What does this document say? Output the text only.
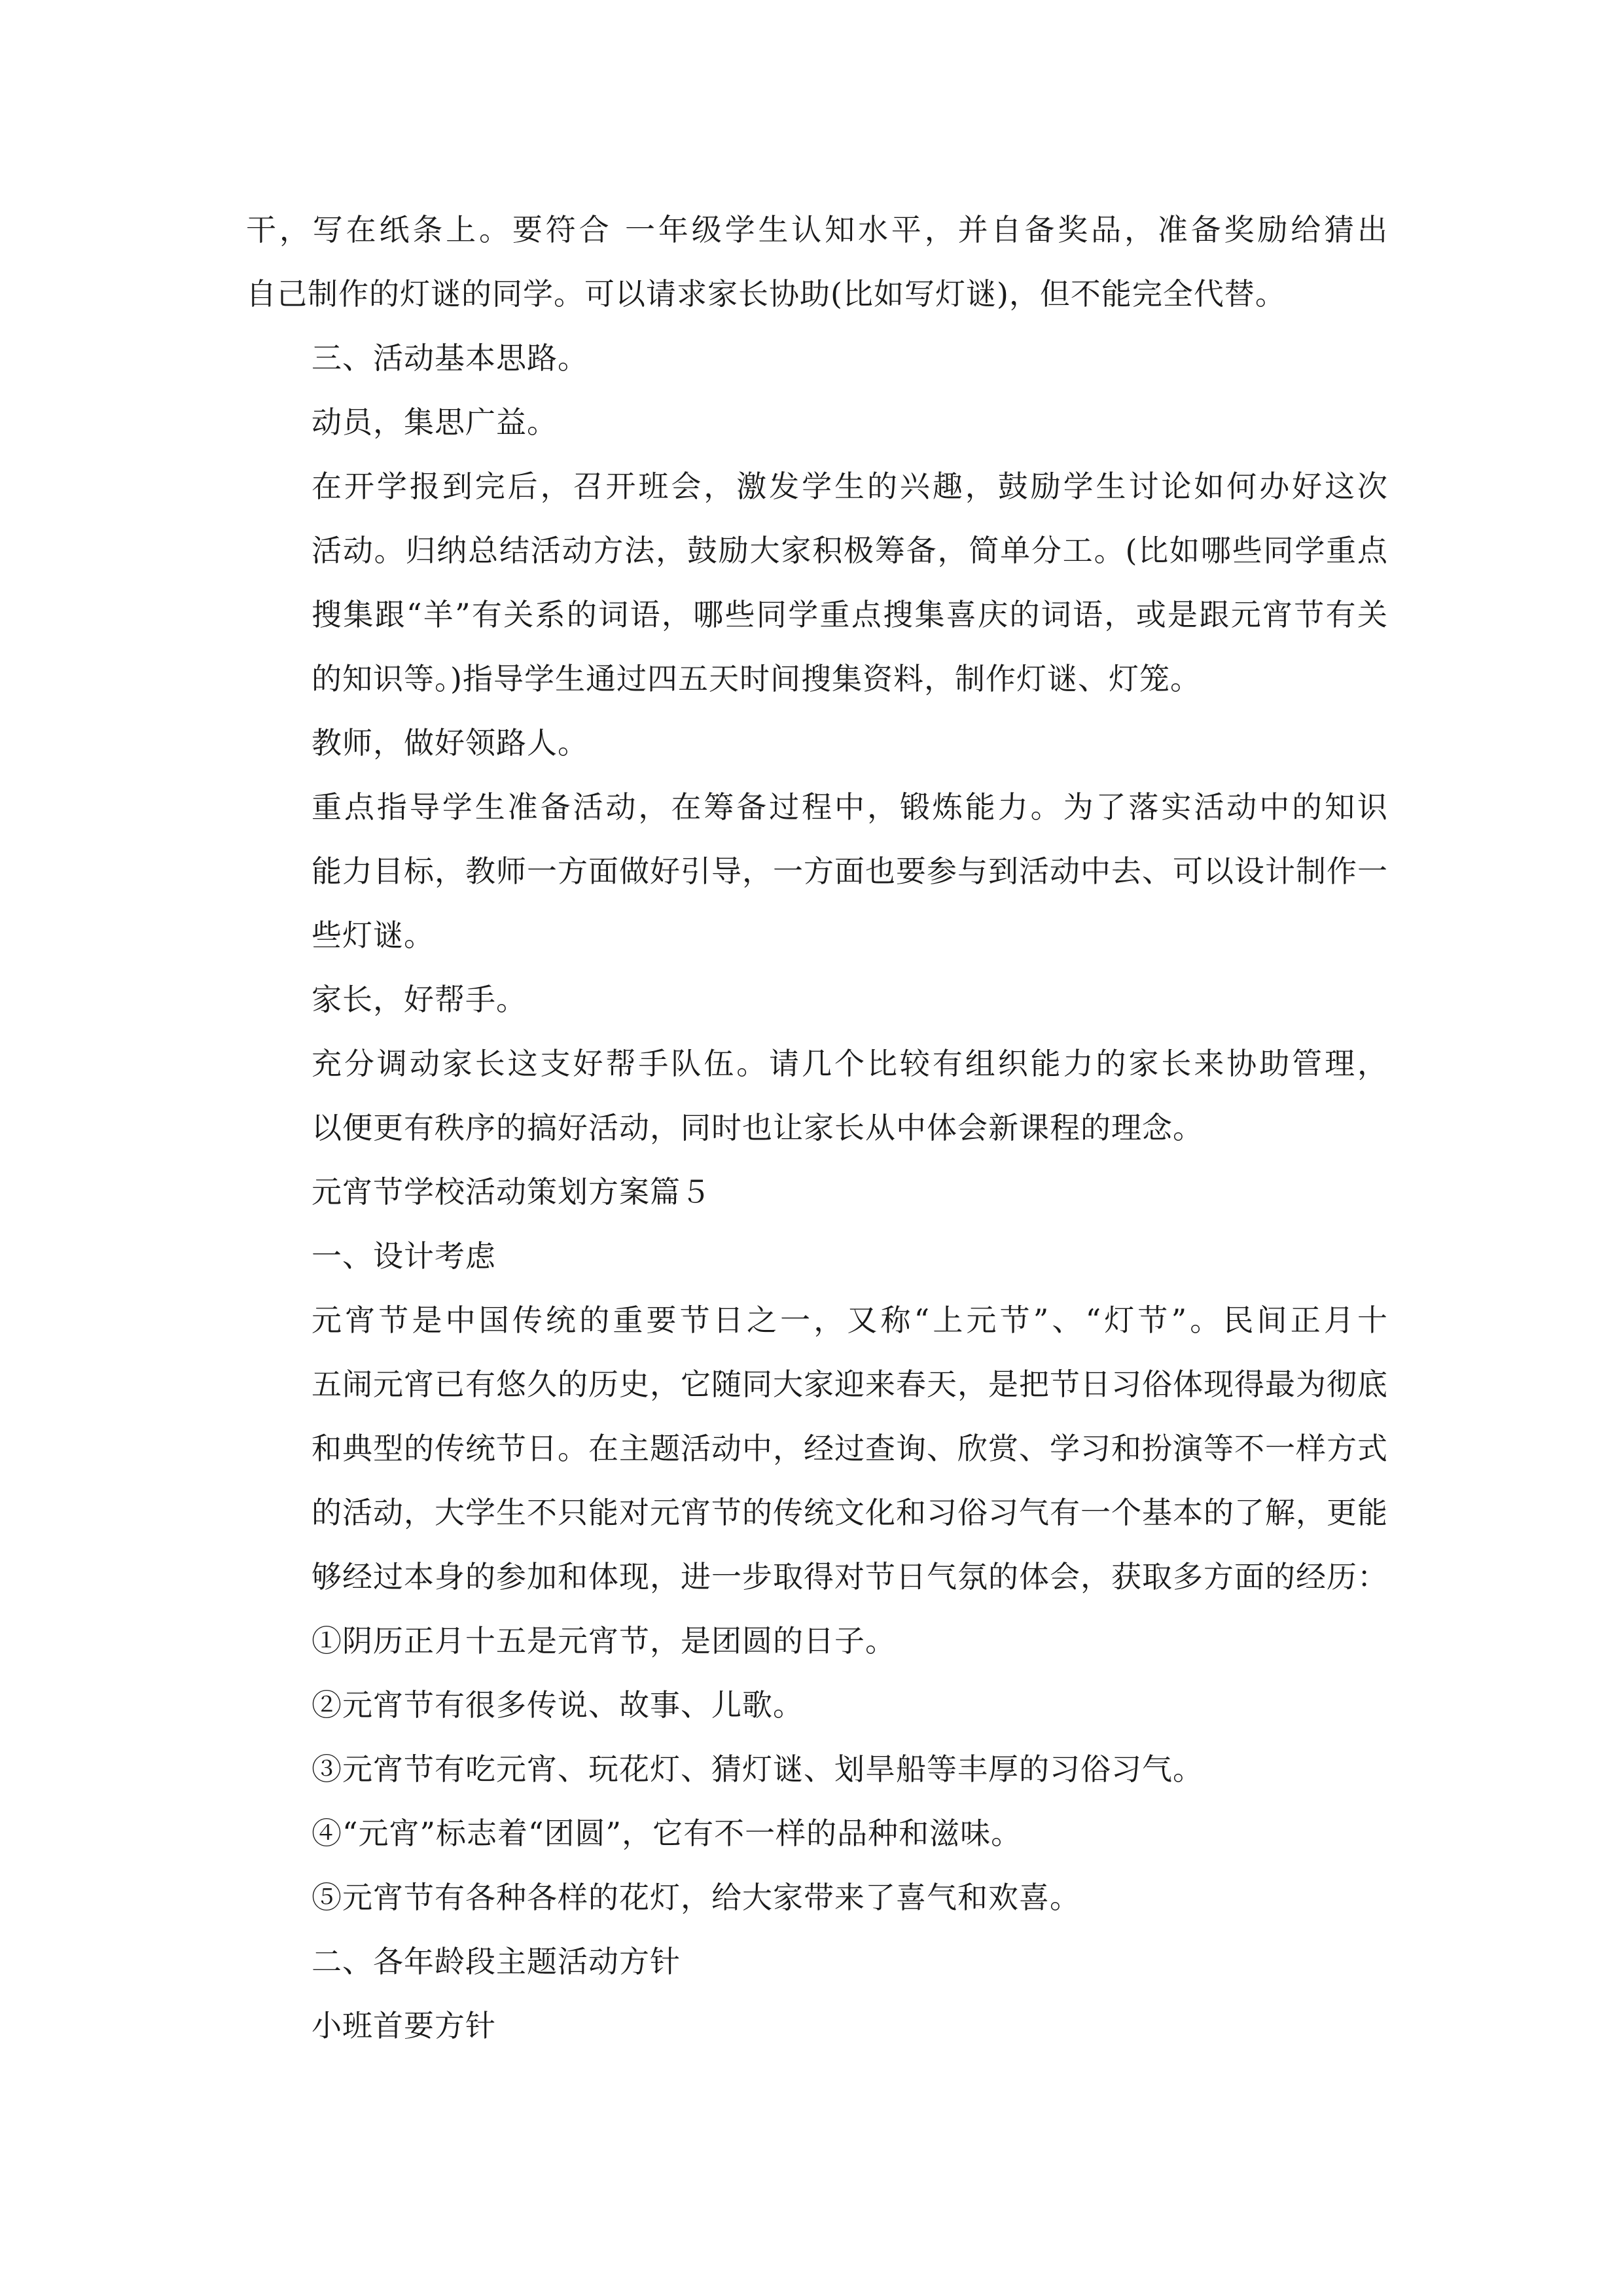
干，写在纸条上。要符合 一年级学生认知水平，并自备奖品，准备奖励给猜出
自己制作的灯谜的同学。可以请求家长协助(比如写灯谜)，但不能完全代替。
三、活动基本思路。
动员，集思广益。
在开学报到完后，召开班会，激发学生的兴趣，鼓励学生讨论如何办好这次
活动。归纳总结活动方法，鼓励大家积极筹备，简单分工。(比如哪些同学重点
搜集跟“羊”有关系的词语，哪些同学重点搜集喜庆的词语，或是跟元宵节有关
的知识等。)指导学生通过四五天时间搜集资料，制作灯谜、灯笼。
教师，做好领路人。
重点指导学生准备活动，在筹备过程中，锻炼能力。为了落实活动中的知识
能力目标，教师一方面做好引导，一方面也要参与到活动中去、可以设计制作一
些灯谜。
家长，好帮手。
充分调动家长这支好帮手队伍。请几个比较有组织能力的家长来协助管理，
以便更有秩序的搞好活动，同时也让家长从中体会新课程的理念。
元宵节学校活动策划方案篇５
一、设计考虑
元宵节是中国传统的重要节日之一，又称“上元节”、“灯节”。民间正月十
五闹元宵已有悠久的历史，它随同大家迎来春天，是把节日习俗体现得最为彻底
和典型的传统节日。在主题活动中，经过查询、欣赏、学习和扮演等不一样方式
的活动，大学生不只能对元宵节的传统文化和习俗习气有一个基本的了解，更能
够经过本身的参加和体现，进一步取得对节日气氛的体会，获取多方面的经历：
①阴历正月十五是元宵节，是团圆的日子。
②元宵节有很多传说、故事、儿歌。
③元宵节有吃元宵、玩花灯、猜灯谜、划旱船等丰厚的习俗习气。
④“元宵”标志着“团圆”，它有不一样的品种和滋味。
⑤元宵节有各种各样的花灯，给大家带来了喜气和欢喜。
二、各年龄段主题活动方针
小班首要方针
